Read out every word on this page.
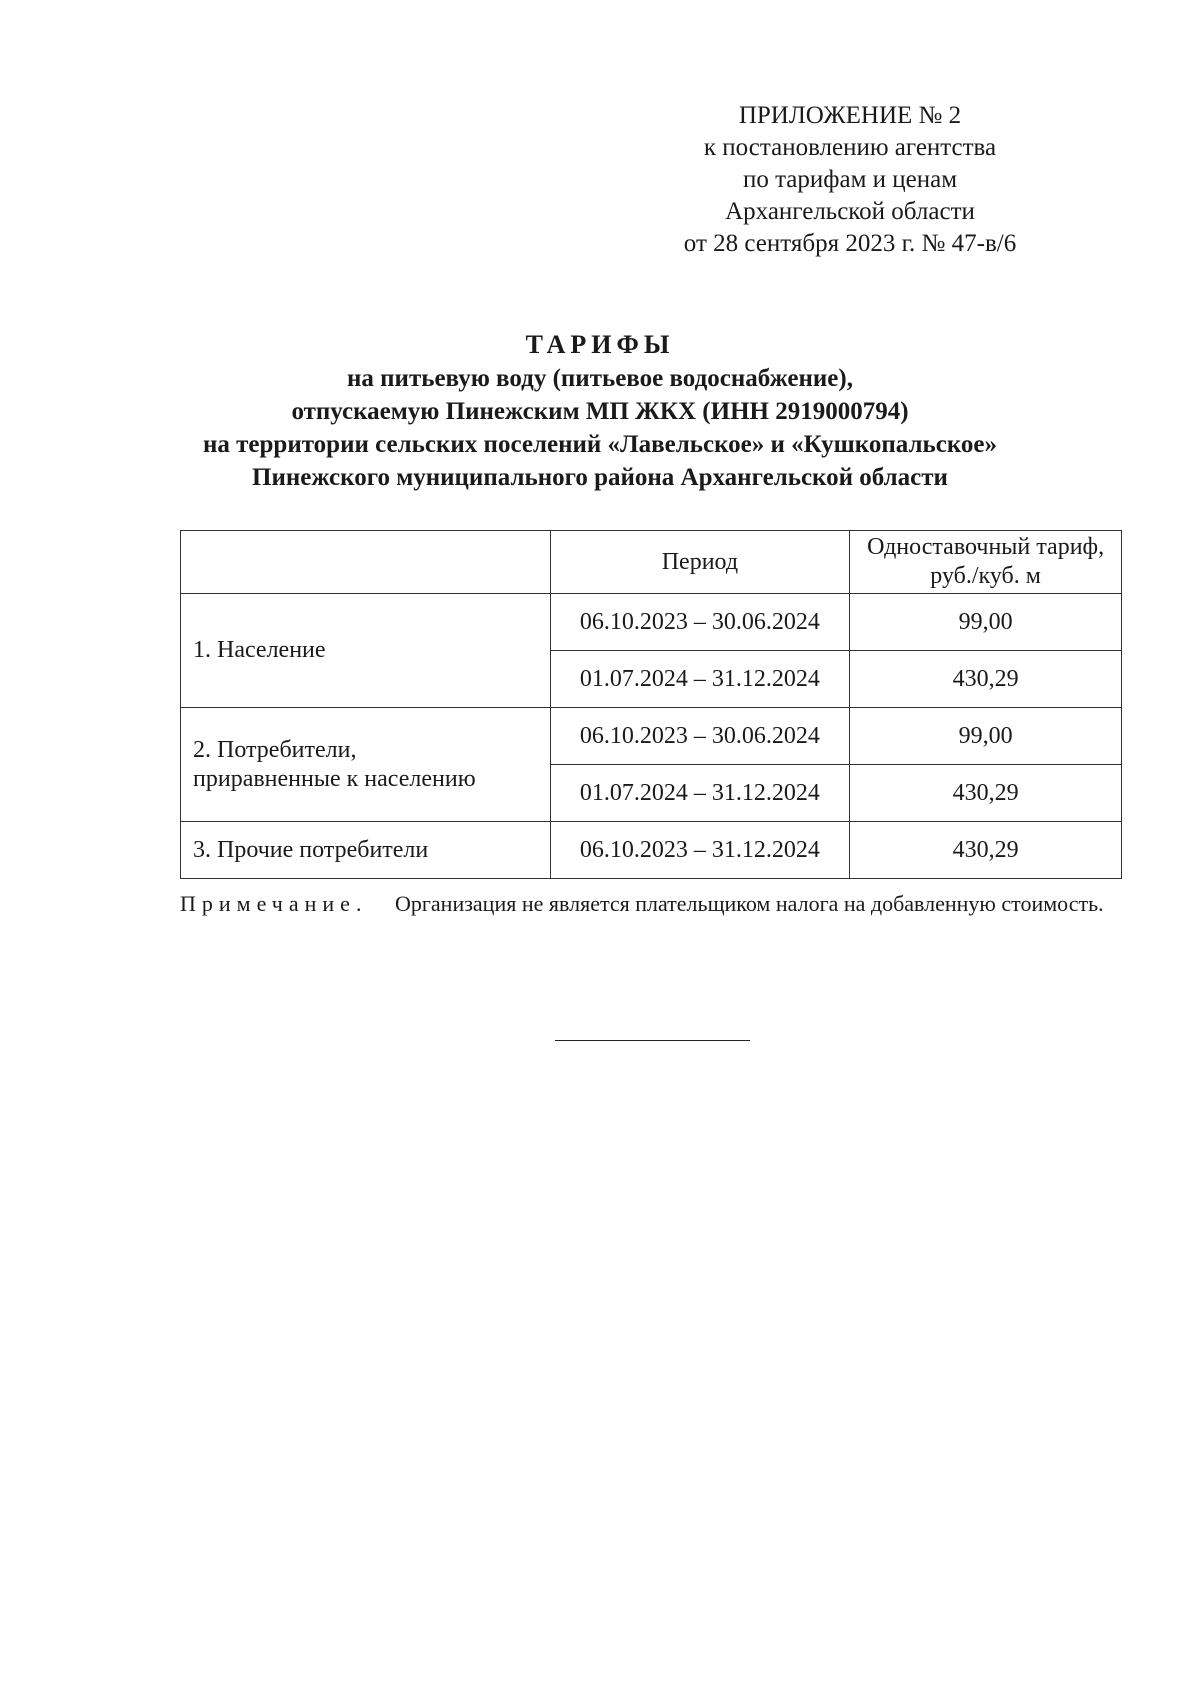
ПРИЛОЖЕНИЕ № 2
к постановлению агентства
по тарифам и ценам
Архангельской области
от 28 сентября 2023 г. № 47-в/6
ТАРИФЫ
на питьевую воду (питьевое водоснабжение),
отпускаемую Пинежским МП ЖКХ (ИНН 2919000794)
на территории сельских поселений «Лавельское» и «Кушкопальское»
Пинежского муниципального района Архангельской области
	Период	Одноставочный тариф,
руб./куб. м

1. Население	06.10.2023 – 30.06.2024	99,00
	01.07.2024 – 31.12.2024	430,29

2. Потребители,
приравненные к населению	06.10.2023 – 30.06.2024	99,00
	01.07.2024 – 31.12.2024	430,29

3. Прочие потребители	06.10.2023 – 31.12.2024	430,29
Примечание.	Организация не является плательщиком налога на добавленную стоимость.
